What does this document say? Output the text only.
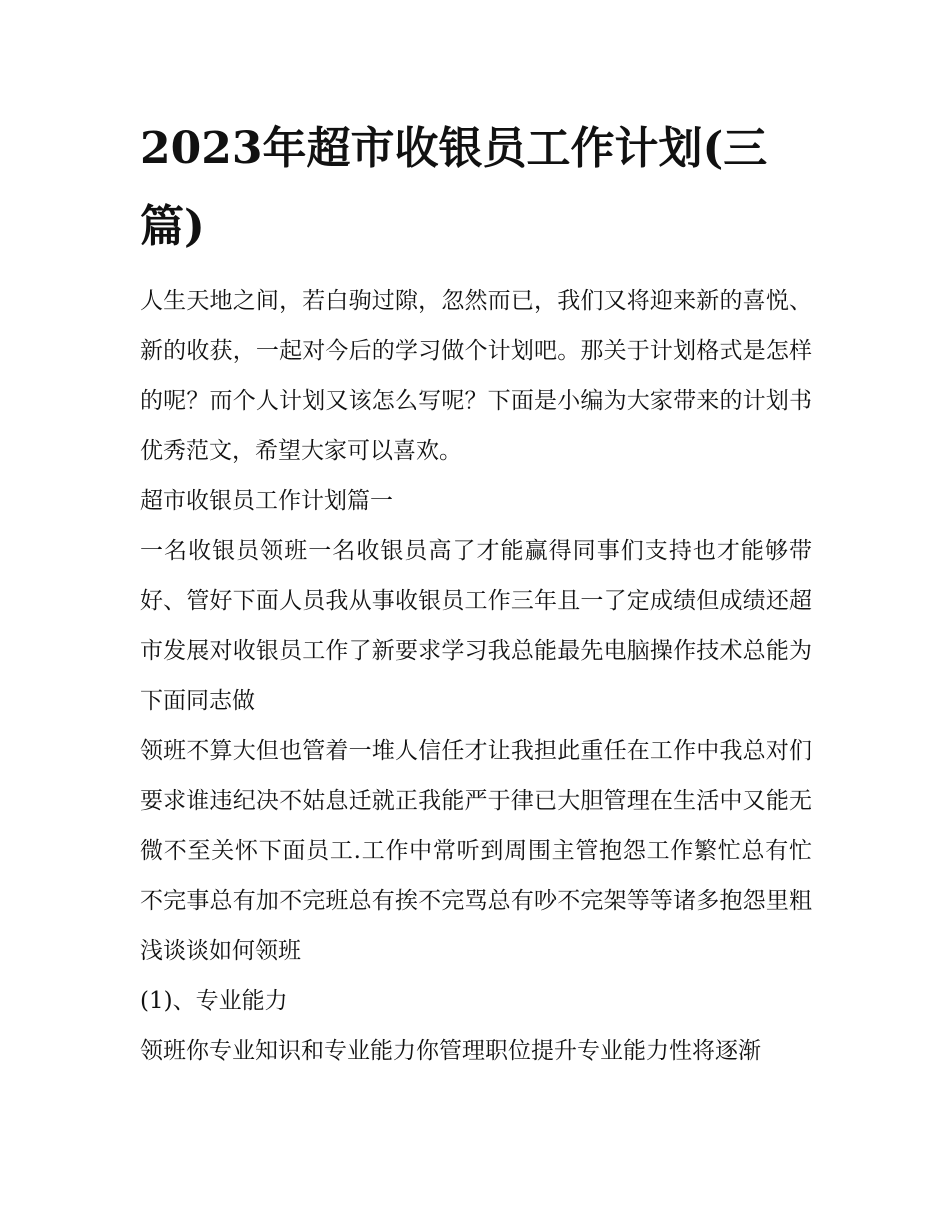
2023年超市收银员工作计划(三篇)

人生天地之间，若白驹过隙，忽然而已，我们又将迎来新的喜悦、新的收获，一起对今后的学习做个计划吧。那关于计划格式是怎样的呢？而个人计划又该怎么写呢？下面是小编为大家带来的计划书优秀范文，希望大家可以喜欢。

超市收银员工作计划篇一

一名收银员领班一名收银员高了才能赢得同事们支持也才能够带好、管好下面人员我从事收银员工作三年且一了定成绩但成绩还超市发展对收银员工作了新要求学习我总能最先电脑操作技术总能为下面同志做

领班不算大但也管着一堆人信任才让我担此重任在工作中我总对们要求谁违纪决不姑息迁就正我能严于律已大胆管理在生活中又能无微不至关怀下面员工.工作中常听到周围主管抱怨工作繁忙总有忙不完事总有加不完班总有挨不完骂总有吵不完架等等诸多抱怨里粗浅谈谈如何领班

(1)、专业能力

领班你专业知识和专业能力你管理职位提升专业能力性将逐渐
